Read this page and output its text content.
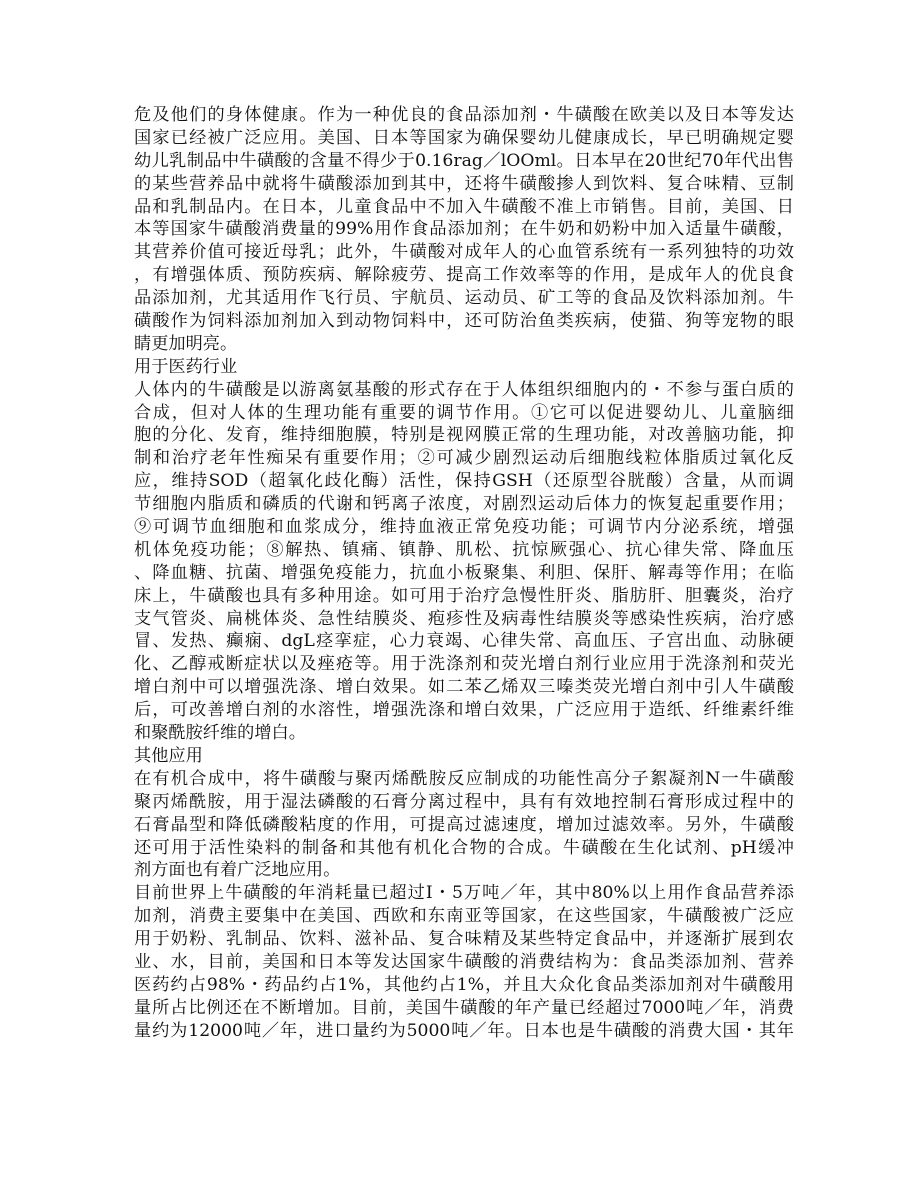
危及他们的身体健康。作为一种优良的食品添加剂・牛磺酸在欧美以及日本等发达
国家已经被广泛应用。美国、日本等国家为确保婴幼儿健康成长，早已明确规定婴
幼儿乳制品中牛磺酸的含量不得少于0.16rag／lOOml。日本早在20世纪70年代出售
的某些营养品中就将牛磺酸添加到其中，还将牛磺酸掺人到饮料、复合味精、豆制
品和乳制品内。在日本，儿童食品中不加入牛磺酸不准上市销售。目前，美国、日
本等国家牛磺酸消费量的99%用作食品添加剂；在牛奶和奶粉中加入适量牛磺酸，
其营养价值可接近母乳；此外，牛磺酸对成年人的心血管系统有一系列独特的功效
，有增强体质、预防疾病、解除疲劳、提高工作效率等的作用，是成年人的优良食
品添加剂，尤其适用作飞行员、宇航员、运动员、矿工等的食品及饮料添加剂。牛
磺酸作为饲料添加剂加入到动物饲料中，还可防治鱼类疾病，使猫、狗等宠物的眼
睛更加明亮。
用于医药行业
人体内的牛磺酸是以游离氨基酸的形式存在于人体组织细胞内的・不参与蛋白质的
合成，但对人体的生理功能有重要的调节作用。①它可以促进婴幼儿、儿童脑细
胞的分化、发育，维持细胞膜，特别是视网膜正常的生理功能，对改善脑功能，抑
制和治疗老年性痴呆有重要作用；②可减少剧烈运动后细胞线粒体脂质过氧化反
应，维持SOD（超氧化歧化酶）活性，保持GSH（还原型谷胱酸）含量，从而调
节细胞内脂质和磷质的代谢和钙离子浓度，对剧烈运动后体力的恢复起重要作用；
⑨可调节血细胞和血浆成分，维持血液正常免疫功能；可调节内分泌系统，增强
机体免疫功能；⑧解热、镇痛、镇静、肌松、抗惊厥强心、抗心律失常、降血压
、降血糖、抗菌、增强免疫能力，抗血小板聚集、利胆、保肝、解毒等作用；在临
床上，牛磺酸也具有多种用途。如可用于治疗急慢性肝炎、脂肪肝、胆囊炎，治疗
支气管炎、扁桃体炎、急性结膜炎、疱疹性及病毒性结膜炎等感染性疾病，治疗感
冒、发热、癫痫、dgL痉挛症，心力衰竭、心律失常、高血压、子宫出血、动脉硬
化、乙醇戒断症状以及痤疮等。用于洗涤剂和荧光增白剂行业应用于洗涤剂和荧光
增白剂中可以增强洗涤、增白效果。如二苯乙烯双三嗪类荧光增白剂中引人牛磺酸
后，可改善增白剂的水溶性，增强洗涤和增白效果，广泛应用于造纸、纤维素纤维
和聚酰胺纤维的增白。
其他应用
在有机合成中，将牛磺酸与聚丙烯酰胺反应制成的功能性高分子絮凝剂N一牛磺酸
聚丙烯酰胺，用于湿法磷酸的石膏分离过程中，具有有效地控制石膏形成过程中的
石膏晶型和降低磷酸粘度的作用，可提高过滤速度，增加过滤效率。另外，牛磺酸
还可用于活性染料的制备和其他有机化合物的合成。牛磺酸在生化试剂、pH缓冲
剂方面也有着广泛地应用。
目前世界上牛磺酸的年消耗量已超过I・5万吨／年，其中80%以上用作食品营养添
加剂，消费主要集中在美国、西欧和东南亚等国家，在这些国家，牛磺酸被广泛应
用于奶粉、乳制品、饮料、滋补品、复合味精及某些特定食品中，并逐渐扩展到农
业、水，目前，美国和日本等发达国家牛磺酸的消费结构为：食品类添加剂、营养
医药约占98%・药品约占1%，其他约占1%，并且大众化食品类添加剂对牛磺酸用
量所占比例还在不断增加。目前，美国牛磺酸的年产量已经超过7000吨／年，消费
量约为12000吨／年，进口量约为5000吨／年。日本也是牛磺酸的消费大国・其年
